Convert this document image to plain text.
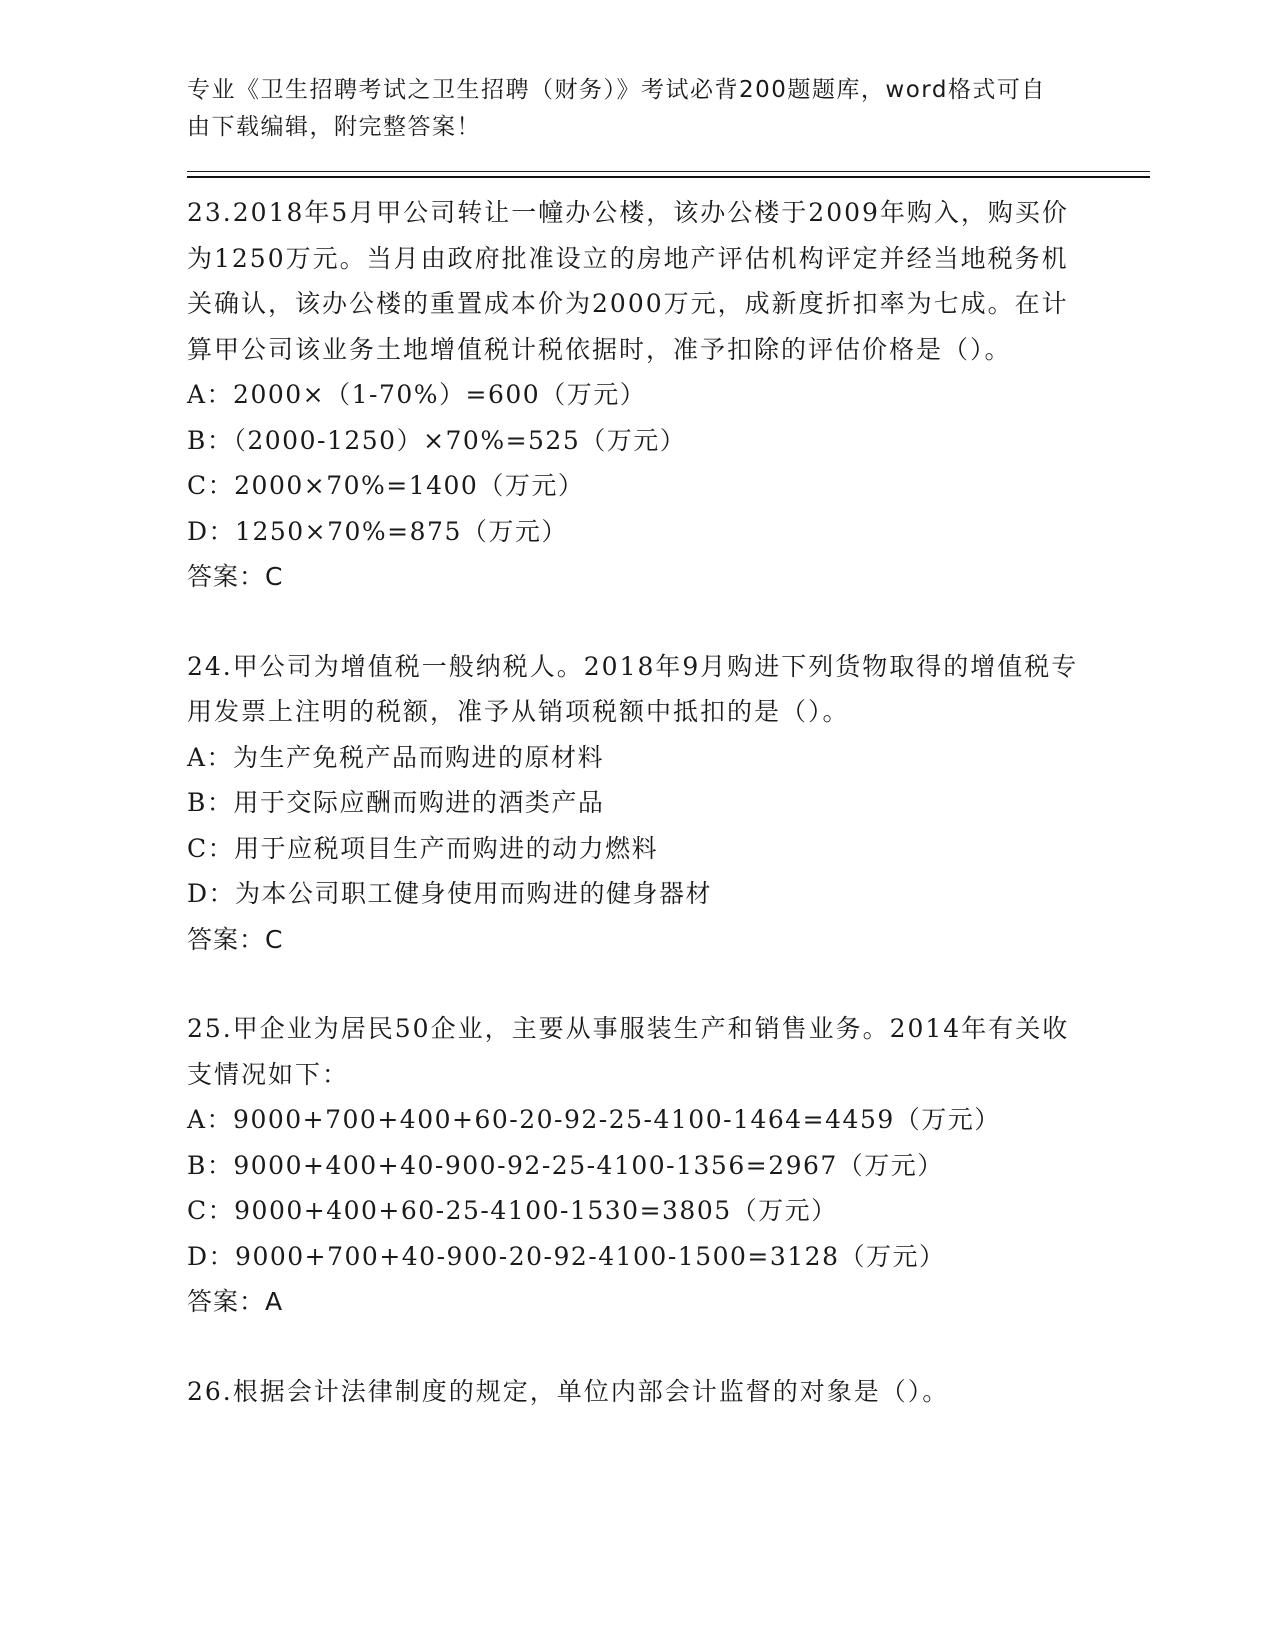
专业《卫生招聘考试之卫生招聘（财务）》考试必背200题题库，word格式可自
由下载编辑，附完整答案！
23.2018年5月甲公司转让一幢办公楼，该办公楼于2009年购入，购买价为1250万元。当月由政府批准设立的房地产评估机构评定并经当地税务机关确认，该办公楼的重置成本价为2000万元，成新度折扣率为七成。在计算甲公司该业务土地增值税计税依据时，准予扣除的评估价格是（）。
A：2000×（1-70%）=600（万元）
B：（2000-1250）×70%=525（万元）
C：2000×70%=1400（万元）
D：1250×70%=875（万元）
答案：C
24.甲公司为增值税一般纳税人。2018年9月购进下列货物取得的增值税专用发票上注明的税额，准予从销项税额中抵扣的是（）。
A：为生产免税产品而购进的原材料
B：用于交际应酬而购进的酒类产品
C：用于应税项目生产而购进的动力燃料
D：为本公司职工健身使用而购进的健身器材
答案：C
25.甲企业为居民50企业，主要从事服装生产和销售业务。2014年有关收支情况如下：
A：9000+700+400+60-20-92-25-4100-1464=4459（万元）
B：9000+400+40-900-92-25-4100-1356=2967（万元）
C：9000+400+60-25-4100-1530=3805（万元）
D：9000+700+40-900-20-92-4100-1500=3128（万元）
答案：A
26.根据会计法律制度的规定，单位内部会计监督的对象是（）。
